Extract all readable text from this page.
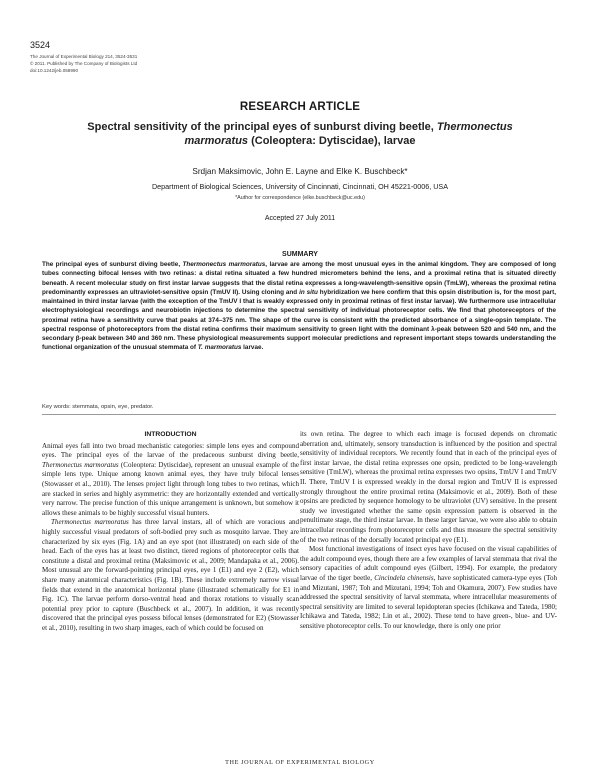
3524
The Journal of Experimental Biology 214, 3524-3531
© 2011. Published by The Company of Biologists Ltd
doi:10.1242/jeb.058990
RESEARCH ARTICLE
Spectral sensitivity of the principal eyes of sunburst diving beetle, Thermonectus marmoratus (Coleoptera: Dytiscidae), larvae
Srdjan Maksimovic, John E. Layne and Elke K. Buschbeck*
Department of Biological Sciences, University of Cincinnati, Cincinnati, OH 45221-0006, USA
*Author for correspondence (elke.buschbeck@uc.edu)
Accepted 27 July 2011
SUMMARY

The principal eyes of sunburst diving beetle, Thermonectus marmoratus, larvae are among the most unusual eyes in the animal kingdom. They are composed of long tubes connecting bifocal lenses with two retinas: a distal retina situated a few hundred micrometers behind the lens, and a proximal retina that is situated directly beneath. A recent molecular study on first instar larvae suggests that the distal retina expresses a long-wavelength-sensitive opsin (TmLW), whereas the proximal retina predominantly expresses an ultraviolet-sensitive opsin (TmUV II). Using cloning and in situ hybridization we here confirm that this opsin distribution is, for the most part, maintained in third instar larvae (with the exception of the TmUV I that is weakly expressed only in proximal retinas of first instar larvae). We furthermore use intracellular electrophysiological recordings and neurobiotin injections to determine the spectral sensitivity of individual photoreceptor cells. We find that photoreceptors of the proximal retina have a sensitivity curve that peaks at 374–375 nm. The shape of the curve is consistent with the predicted absorbance of a single-opsin template. The spectral response of photoreceptors from the distal retina confirms their maximum sensitivity to green light with the dominant λ-peak between 520 and 540 nm, and the secondary β-peak between 340 and 360 nm. These physiological measurements support molecular predictions and represent important steps towards understanding the functional organization of the unusual stemmata of T. marmoratus larvae.

Key words: stemmata, opsin, eye, predator.
INTRODUCTION

Animal eyes fall into two broad mechanistic categories: simple lens eyes and compound eyes. The principal eyes of the larvae of the predaceous sunburst diving beetle, Thermonectus marmoratus (Coleoptera: Dytiscidae), represent an unusual example of the simple lens type. Unique among known animal eyes, they have truly bifocal lenses (Stowasser et al., 2010). The lenses project light through long tubes to two retinas, which are stacked in series and highly asymmetric: they are horizontally extended and vertically very narrow. The precise function of this unique arrangement is unknown, but somehow it allows these animals to be highly successful visual hunters.

Thermonectus marmoratus has three larval instars, all of which are voracious and highly successful visual predators of soft-bodied prey such as mosquito larvae. They are characterized by six eyes (Fig. 1A) and an eye spot (not illustrated) on each side of the head. Each of the eyes has at least two distinct, tiered regions of photoreceptor cells that constitute a distal and proximal retina (Maksimovic et al., 2009; Mandapaka et al., 2006). Most unusual are the forward-pointing principal eyes, eye 1 (E1) and eye 2 (E2), which share many anatomical characteristics (Fig. 1B). These include extremely narrow visual fields that extend in the anatomical horizontal plane (illustrated schematically for E1 in Fig. 1C). The larvae perform dorso-ventral head and thorax rotations to visually scan potential prey prior to capture (Buschbeck et al., 2007). In addition, it was recently discovered that the principal eyes possess bifocal lenses (demonstrated for E2) (Stowasser et al., 2010), resulting in two sharp images, each of which could be focused on

its own retina. The degree to which each image is focused depends on chromatic aberration and, ultimately, sensory transduction is influenced by the position and spectral sensitivity of individual receptors. We recently found that in each of the principal eyes of first instar larvae, the distal retina expresses one opsin, predicted to be long-wavelength sensitive (TmLW), whereas the proximal retina expresses two opsins, TmUV I and TmUV II. There, TmUV I is expressed weakly in the dorsal region and TmUV II is expressed strongly throughout the entire proximal retina (Maksimovic et al., 2009). Both of these opsins are predicted by sequence homology to be ultraviolet (UV) sensitive. In the present study we investigated whether the same opsin expression pattern is observed in the penultimate stage, the third instar larvae. In these larger larvae, we were also able to obtain intracellular recordings from photoreceptor cells and thus measure the spectral sensitivity of the two retinas of the dorsally located principal eye (E1).

Most functional investigations of insect eyes have focused on the visual capabilities of the adult compound eyes, though there are a few examples of larval stemmata that rival the sensory capacities of adult compound eyes (Gilbert, 1994). For example, the predatory larvae of the tiger beetle, Cincindela chinensis, have sophisticated camera-type eyes (Toh and Mizutani, 1987; Toh and Mizutani, 1994; Toh and Okamura, 2007). Few studies have addressed the spectral sensitivity of larval stemmata, where intracellular measurements of spectral sensitivity are limited to several lepidopteran species (Ichikawa and Tateda, 1980; Ichikawa and Tateda, 1982; Lin et al., 2002). These tend to have green-, blue- and UV-sensitive photoreceptor cells. To our knowledge, there is only one prior

THE JOURNAL OF EXPERIMENTAL BIOLOGY
